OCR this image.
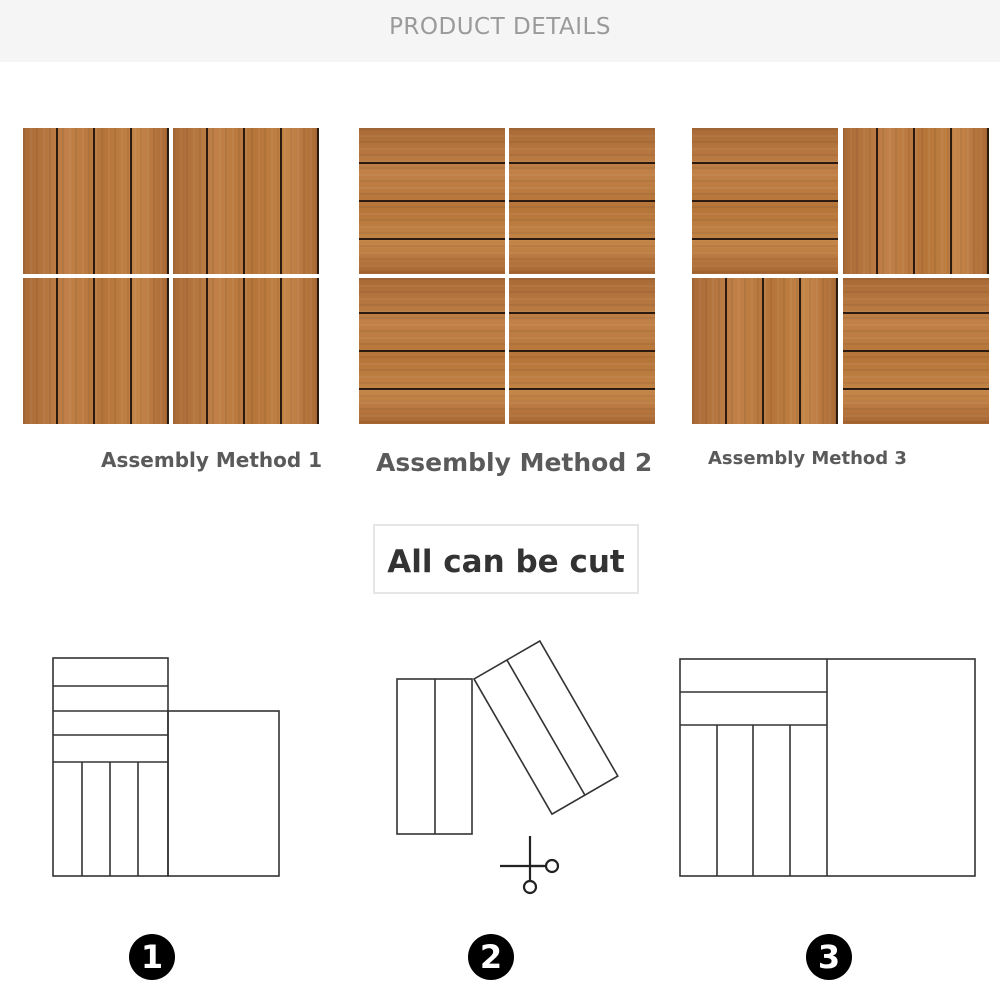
PRODUCT DETAILS
Assembly Method 1 Assembly Method 2	Assembly Method 3
All can be cut
1	2	3
